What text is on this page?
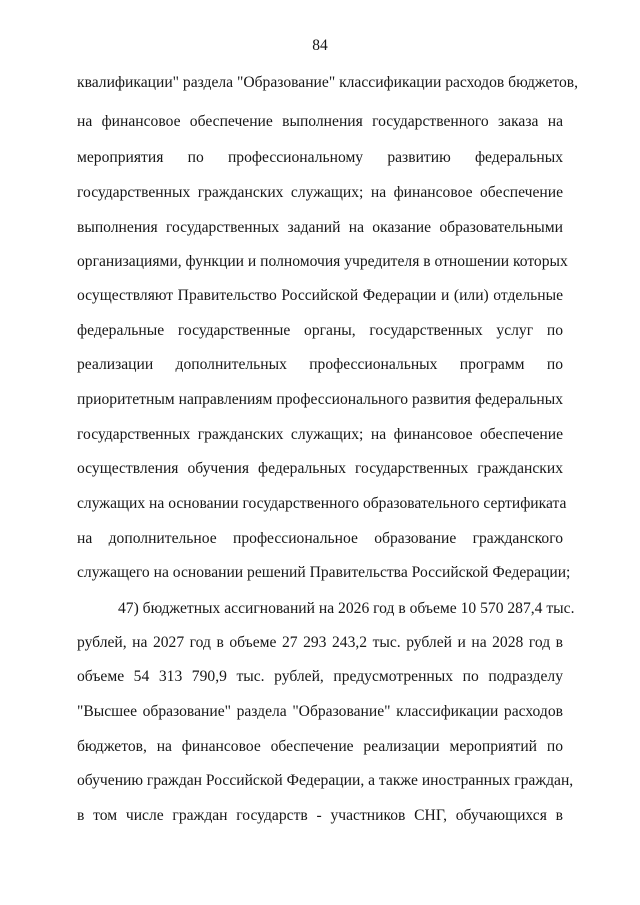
84
квалификации" раздела "Образование" классификации расходов бюджетов,
на финансовое обеспечение выполнения государственного заказа на
мероприятия по профессиональному развитию федеральных
государственных гражданских служащих; на финансовое обеспечение
выполнения государственных заданий на оказание образовательными
организациями, функции и полномочия учредителя в отношении которых
осуществляют Правительство Российской Федерации и (или) отдельные
федеральные государственные органы, государственных услуг по
реализации дополнительных профессиональных программ по
приоритетным направлениям профессионального развития федеральных
государственных гражданских служащих; на финансовое обеспечение
осуществления обучения федеральных государственных гражданских
служащих на основании государственного образовательного сертификата
на дополнительное профессиональное образование гражданского
служащего на основании решений Правительства Российской Федерации;
47) бюджетных ассигнований на 2026 год в объеме 10 570 287,4 тыс.
рублей, на 2027 год в объеме 27 293 243,2 тыс. рублей и на 2028 год в
объеме 54 313 790,9 тыс. рублей, предусмотренных по подразделу
"Высшее образование" раздела "Образование" классификации расходов
бюджетов, на финансовое обеспечение реализации мероприятий по
обучению граждан Российской Федерации, а также иностранных граждан,
в том числе граждан государств - участников СНГ, обучающихся в
